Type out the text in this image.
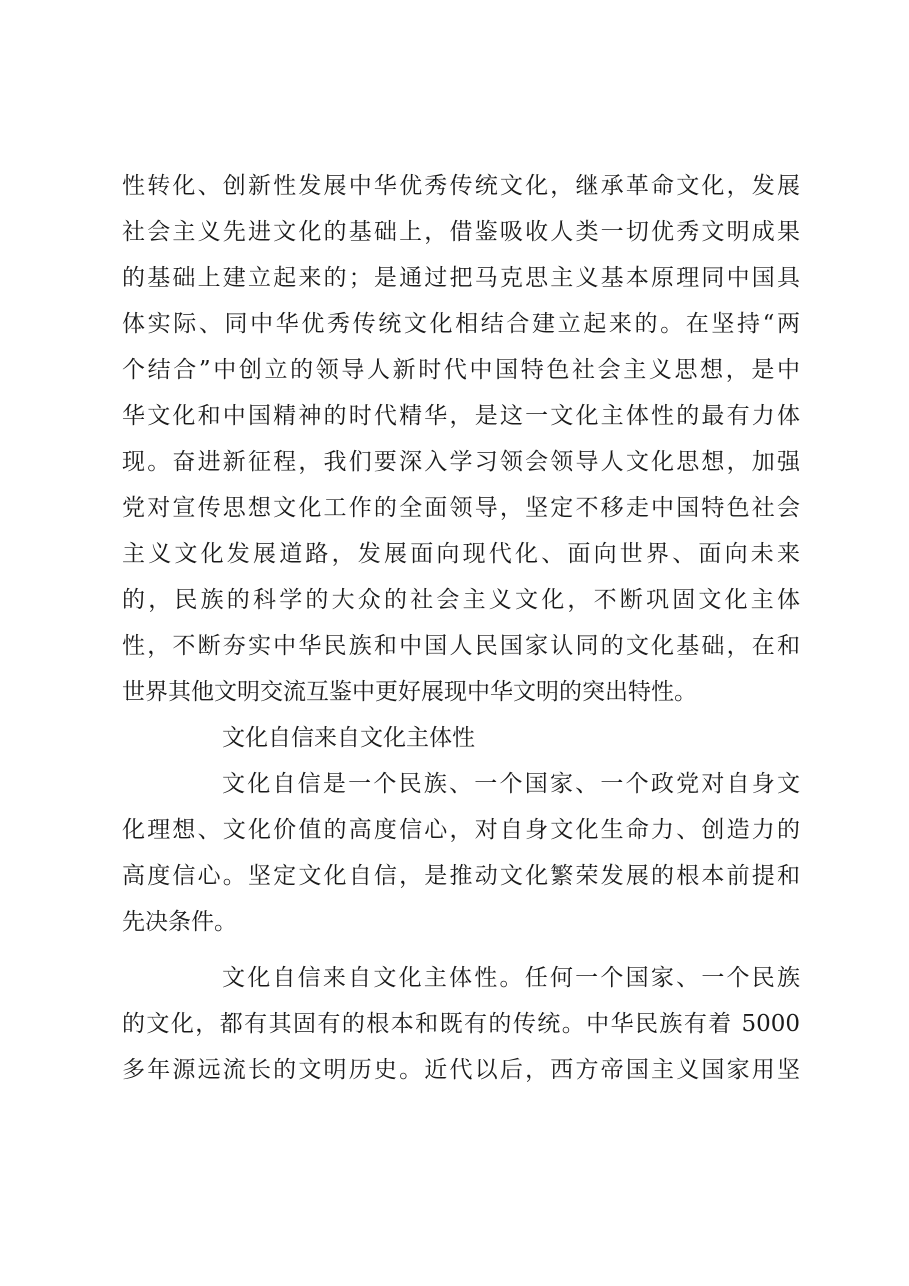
性转化、创新性发展中华优秀传统文化，继承革命文化，发展
社会主义先进文化的基础上，借鉴吸收人类一切优秀文明成果
的基础上建立起来的；是通过把马克思主义基本原理同中国具
体实际、同中华优秀传统文化相结合建立起来的。在坚持“两
个结合”中创立的领导人新时代中国特色社会主义思想，是中
华文化和中国精神的时代精华，是这一文化主体性的最有力体
现。奋进新征程，我们要深入学习领会领导人文化思想，加强
党对宣传思想文化工作的全面领导，坚定不移走中国特色社会
主义文化发展道路，发展面向现代化、面向世界、面向未来
的，民族的科学的大众的社会主义文化，不断巩固文化主体
性，不断夯实中华民族和中国人民国家认同的文化基础，在和
世界其他文明交流互鉴中更好展现中华文明的突出特性。
文化自信来自文化主体性
文化自信是一个民族、一个国家、一个政党对自身文
化理想、文化价值的高度信心，对自身文化生命力、创造力的
高度信心。坚定文化自信，是推动文化繁荣发展的根本前提和
先决条件。
文化自信来自文化主体性。任何一个国家、一个民族
的文化，都有其固有的根本和既有的传统。中华民族有着 5000
多年源远流长的文明历史。近代以后，西方帝国主义国家用坚
